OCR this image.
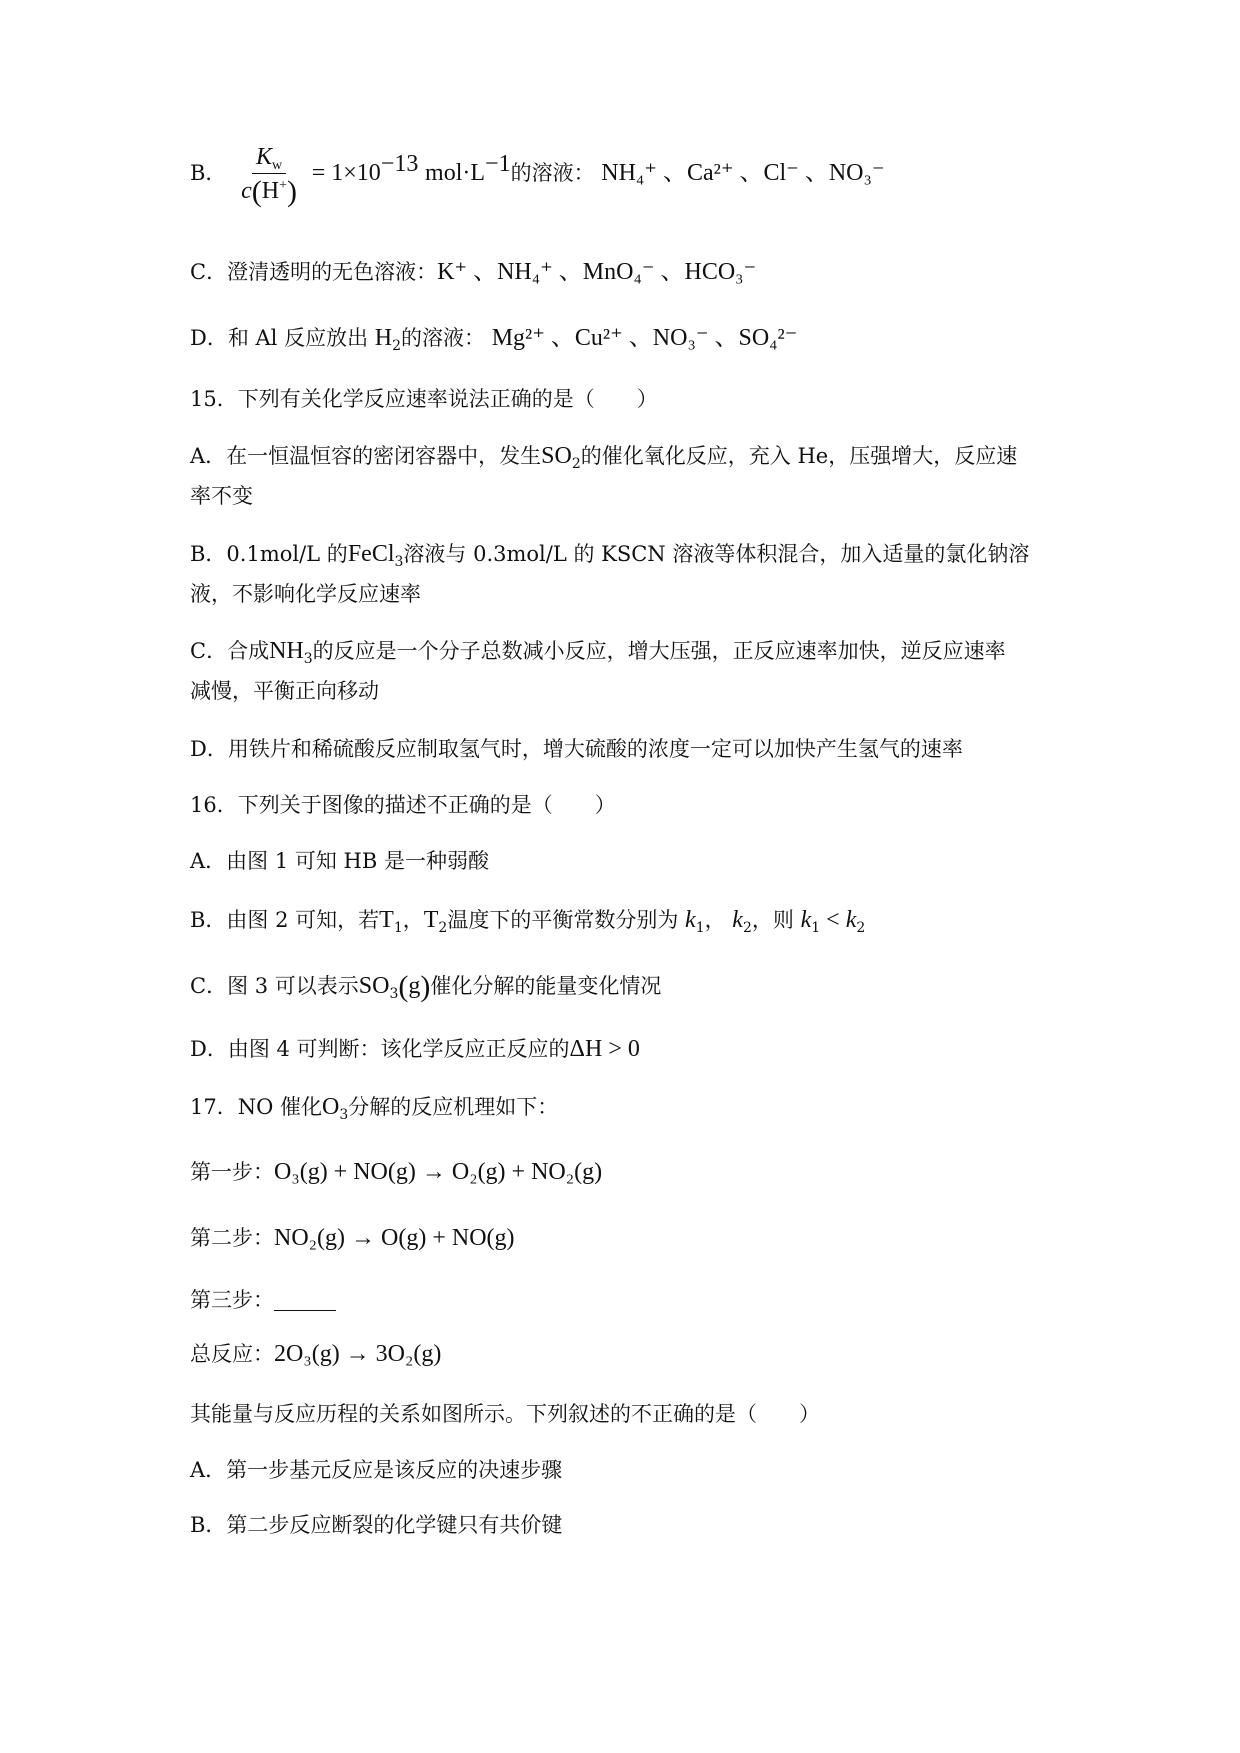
B． $\frac{K_w}{c(H^+)} = 1\times 10^{-13}$ $mol\cdot L^{-1}$的溶液： NH₄⁺ 、Ca²⁺ 、Cl⁻ 、NO₃⁻
C．澄清透明的无色溶液：K⁺ 、NH₄⁺ 、MnO₄⁻ 、HCO₃⁻
D．和 Al 反应放出 $H_2$的溶液： Mg²⁺ 、Cu²⁺ 、NO₃⁻ 、SO₄²⁻
15．下列有关化学反应速率说法正确的是（　　）
A．在一恒温恒容的密闭容器中，发生$SO_2$的催化氧化反应，充入 He，压强增大，反应速
率不变
B．0.1mol/L 的FeCl$_3$溶液与 0.3mol/L 的 KSCN 溶液等体积混合，加入适量的氯化钠溶
液，不影响化学反应速率
C．合成$NH_3$的反应是一个分子总数减小反应，增大压强，正反应速率加快，逆反应速率
减慢，平衡正向移动
D．用铁片和稀硫酸反应制取氢气时，增大硫酸的浓度一定可以加快产生氢气的速率
16．下列关于图像的描述不正确的是（　　）
A．由图 1 可知 HB 是一种弱酸
B．由图 2 可知，若$T_1$，$T_2$温度下的平衡常数分别为 $k_1$， $k_2$，则 $k_1 < k_2$
C．图 3 可以表示$SO_3(g)$催化分解的能量变化情况
D．由图 4 可判断：该化学反应正反应的ΔH > 0
17．NO 催化$O_3$分解的反应机理如下：
第一步：O₃(g) + NO(g) → O₂(g) + NO₂(g)
第二步：NO₂(g) → O(g) + NO(g)
第三步：
总反应：2O₃(g) → 3O₂(g)
其能量与反应历程的关系如图所示。下列叙述的不正确的是（　　）
A．第一步基元反应是该反应的决速步骤
B．第二步反应断裂的化学键只有共价键
